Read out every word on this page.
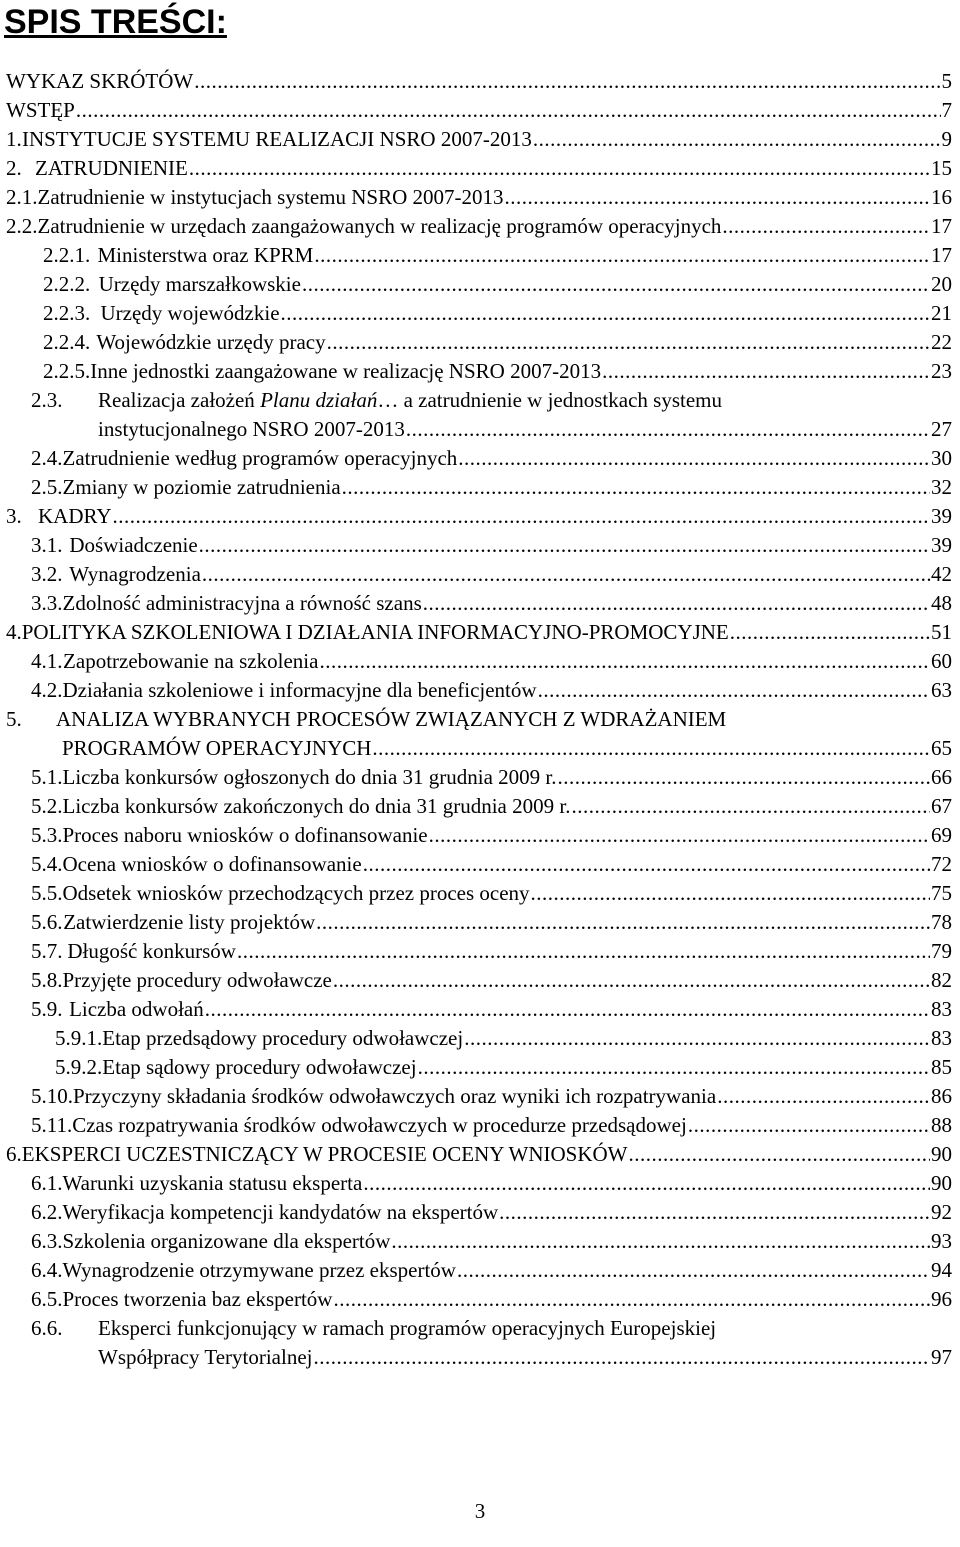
SPIS TREŚCI:
WYKAZ SKRÓTÓW .....	5
WSTĘP .....	7
1. INSTYTUCJE SYSTEMU REALIZACJI NSRO 2007-2013 .....	9
2. ZATRUDNIENIE .....	15
2.1. Zatrudnienie w instytucjach systemu NSRO 2007-2013 .....	16
2.2. Zatrudnienie w urzędach zaangażowanych w realizację programów operacyjnych .....	17
2.2.1. Ministerstwa oraz KPRM .....	17
2.2.2. Urzędy marszałkowskie .....	20
2.2.3. Urzędy wojewódzkie .....	21
2.2.4. Wojewódzkie urzędy pracy .....	22
2.2.5. Inne jednostki zaangażowane w realizację NSRO 2007-2013 .....	23
2.3.	Realizacja założeń Planu działań… a zatrudnienie w jednostkach systemu
instytucjonalnego NSRO 2007-2013 .....	27
2.4. Zatrudnienie według programów operacyjnych .....	30
2.5. Zmiany w poziomie zatrudnienia .....	32
3. KADRY .....	39
3.1. Doświadczenie .....	39
3.2. Wynagrodzenia .....	42
3.3. Zdolność administracyjna a równość szans .....	48
4. POLITYKA SZKOLENIOWA I DZIAŁANIA INFORMACYJNO-PROMOCYJNE .....	51
4.1. Zapotrzebowanie na szkolenia .....	60
4.2. Działania szkoleniowe i informacyjne dla beneficjentów .....	63
5.	ANALIZA WYBRANYCH PROCESÓW ZWIĄZANYCH Z WDRAŻANIEM
PROGRAMÓW OPERACYJNYCH .....	65
5.1. Liczba konkursów ogłoszonych do dnia 31 grudnia 2009 r. .....	66
5.2. Liczba konkursów zakończonych do dnia 31 grudnia 2009 r. .....	67
5.3. Proces naboru wniosków o dofinansowanie .....	69
5.4. Ocena wniosków o dofinansowanie .....	72
5.5. Odsetek wniosków przechodzących przez proces oceny .....	75
5.6. Zatwierdzenie listy projektów .....	78
5.7. Długość konkursów .....	79
5.8. Przyjęte procedury odwoławcze .....	82
5.9. Liczba odwołań .....	83
5.9.1. Etap przedsądowy procedury odwoławczej .....	83
5.9.2. Etap sądowy procedury odwoławczej .....	85
5.10. Przyczyny składania środków odwoławczych oraz wyniki ich rozpatrywania .....	86
5.11. Czas rozpatrywania środków odwoławczych w procedurze przedsądowej .....	88
6. EKSPERCI UCZESTNICZĄCY W PROCESIE OCENY WNIOSKÓW .....	90
6.1. Warunki uzyskania statusu eksperta .....	90
6.2. Weryfikacja kompetencji kandydatów na ekspertów .....	92
6.3. Szkolenia organizowane dla ekspertów .....	93
6.4. Wynagrodzenie otrzymywane przez ekspertów .....	94
6.5. Proces tworzenia baz ekspertów .....	96
6.6.	Eksperci funkcjonujący w ramach programów operacyjnych Europejskiej
Współpracy Terytorialnej .....	97
3
